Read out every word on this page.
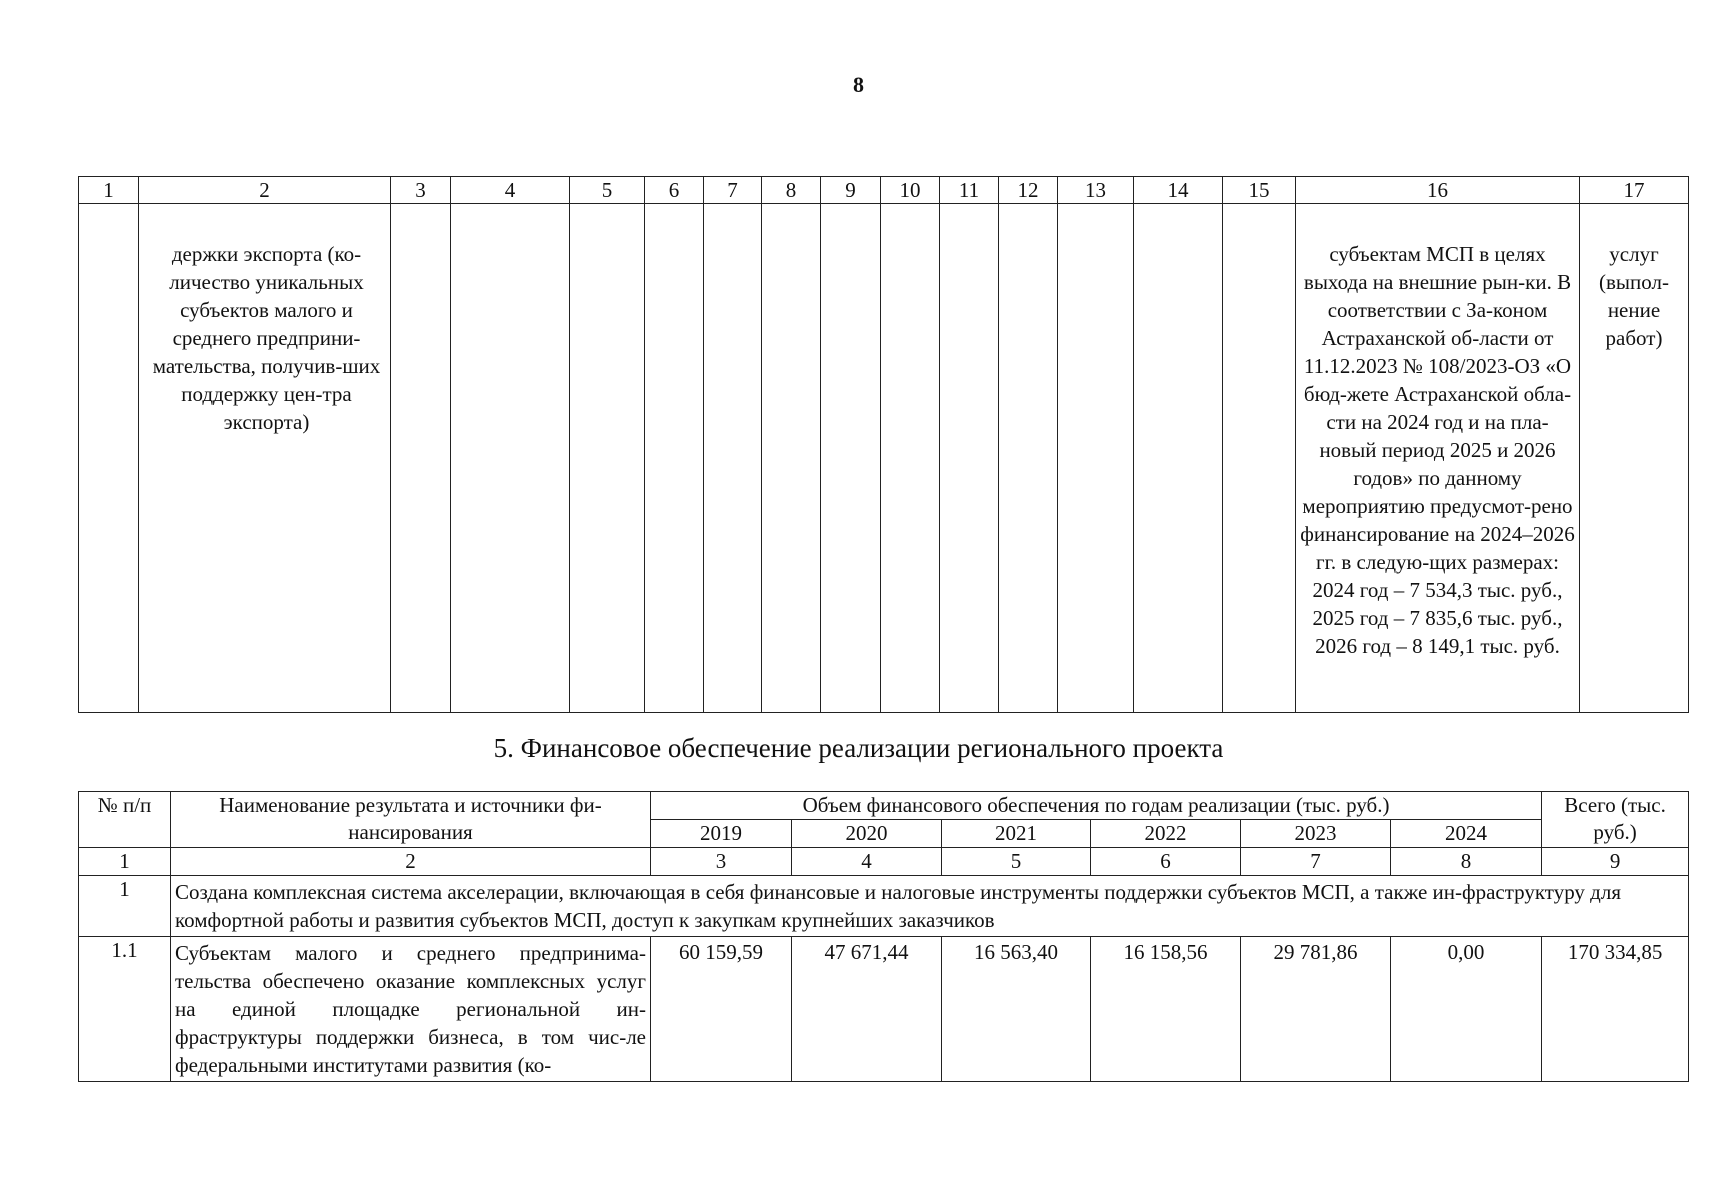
8
1	2	3	4	5	6	7	8	9	10	11	12	13	14	15	16	17

	держки экспорта (ко-личество уникальных субъектов малого и среднего предприни-мательства, получив-ших поддержку цен-тра экспорта)														субъектам МСП в целях выхода на внешние рын-ки. В соответствии с За-коном Астраханской об-ласти от 11.12.2023 № 108/2023-ОЗ «О бюд-жете Астраханской обла-сти на 2024 год и на пла-новый период 2025 и 2026 годов» по данному мероприятию предусмот-рено финансирование на 2024–2026 гг. в следую-щих размерах: 2024 год – 7 534,3 тыс. руб., 2025 год – 7 835,6 тыс. руб., 2026 год – 8 149,1 тыс. руб.	услуг (выпол-нение работ)
5. Финансовое обеспечение реализации регионального проекта
№ п/п	Наименование результата и источники фи-нансирования	Объем финансового обеспечения по годам реализации (тыс. руб.)						Всего (тыс. руб.)
		2019	2020	2021	2022	2023	2024	
1	2	3	4	5	6	7	8	9
1	Создана комплексная система акселерации, включающая в себя финансовые и налоговые инструменты поддержки субъектов МСП, а также ин-фраструктуру для комфортной работы и развития субъектов МСП, доступ к закупкам крупнейших заказчиков							
1.1	Субъектам малого и среднего предпринима-тельства обеспечено оказание комплексных услуг на единой площадке региональной ин-фраструктуры поддержки бизнеса, в том чис-ле федеральными институтами развития (ко-	60 159,59	47 671,44	16 563,40	16 158,56	29 781,86	0,00	170 334,85
